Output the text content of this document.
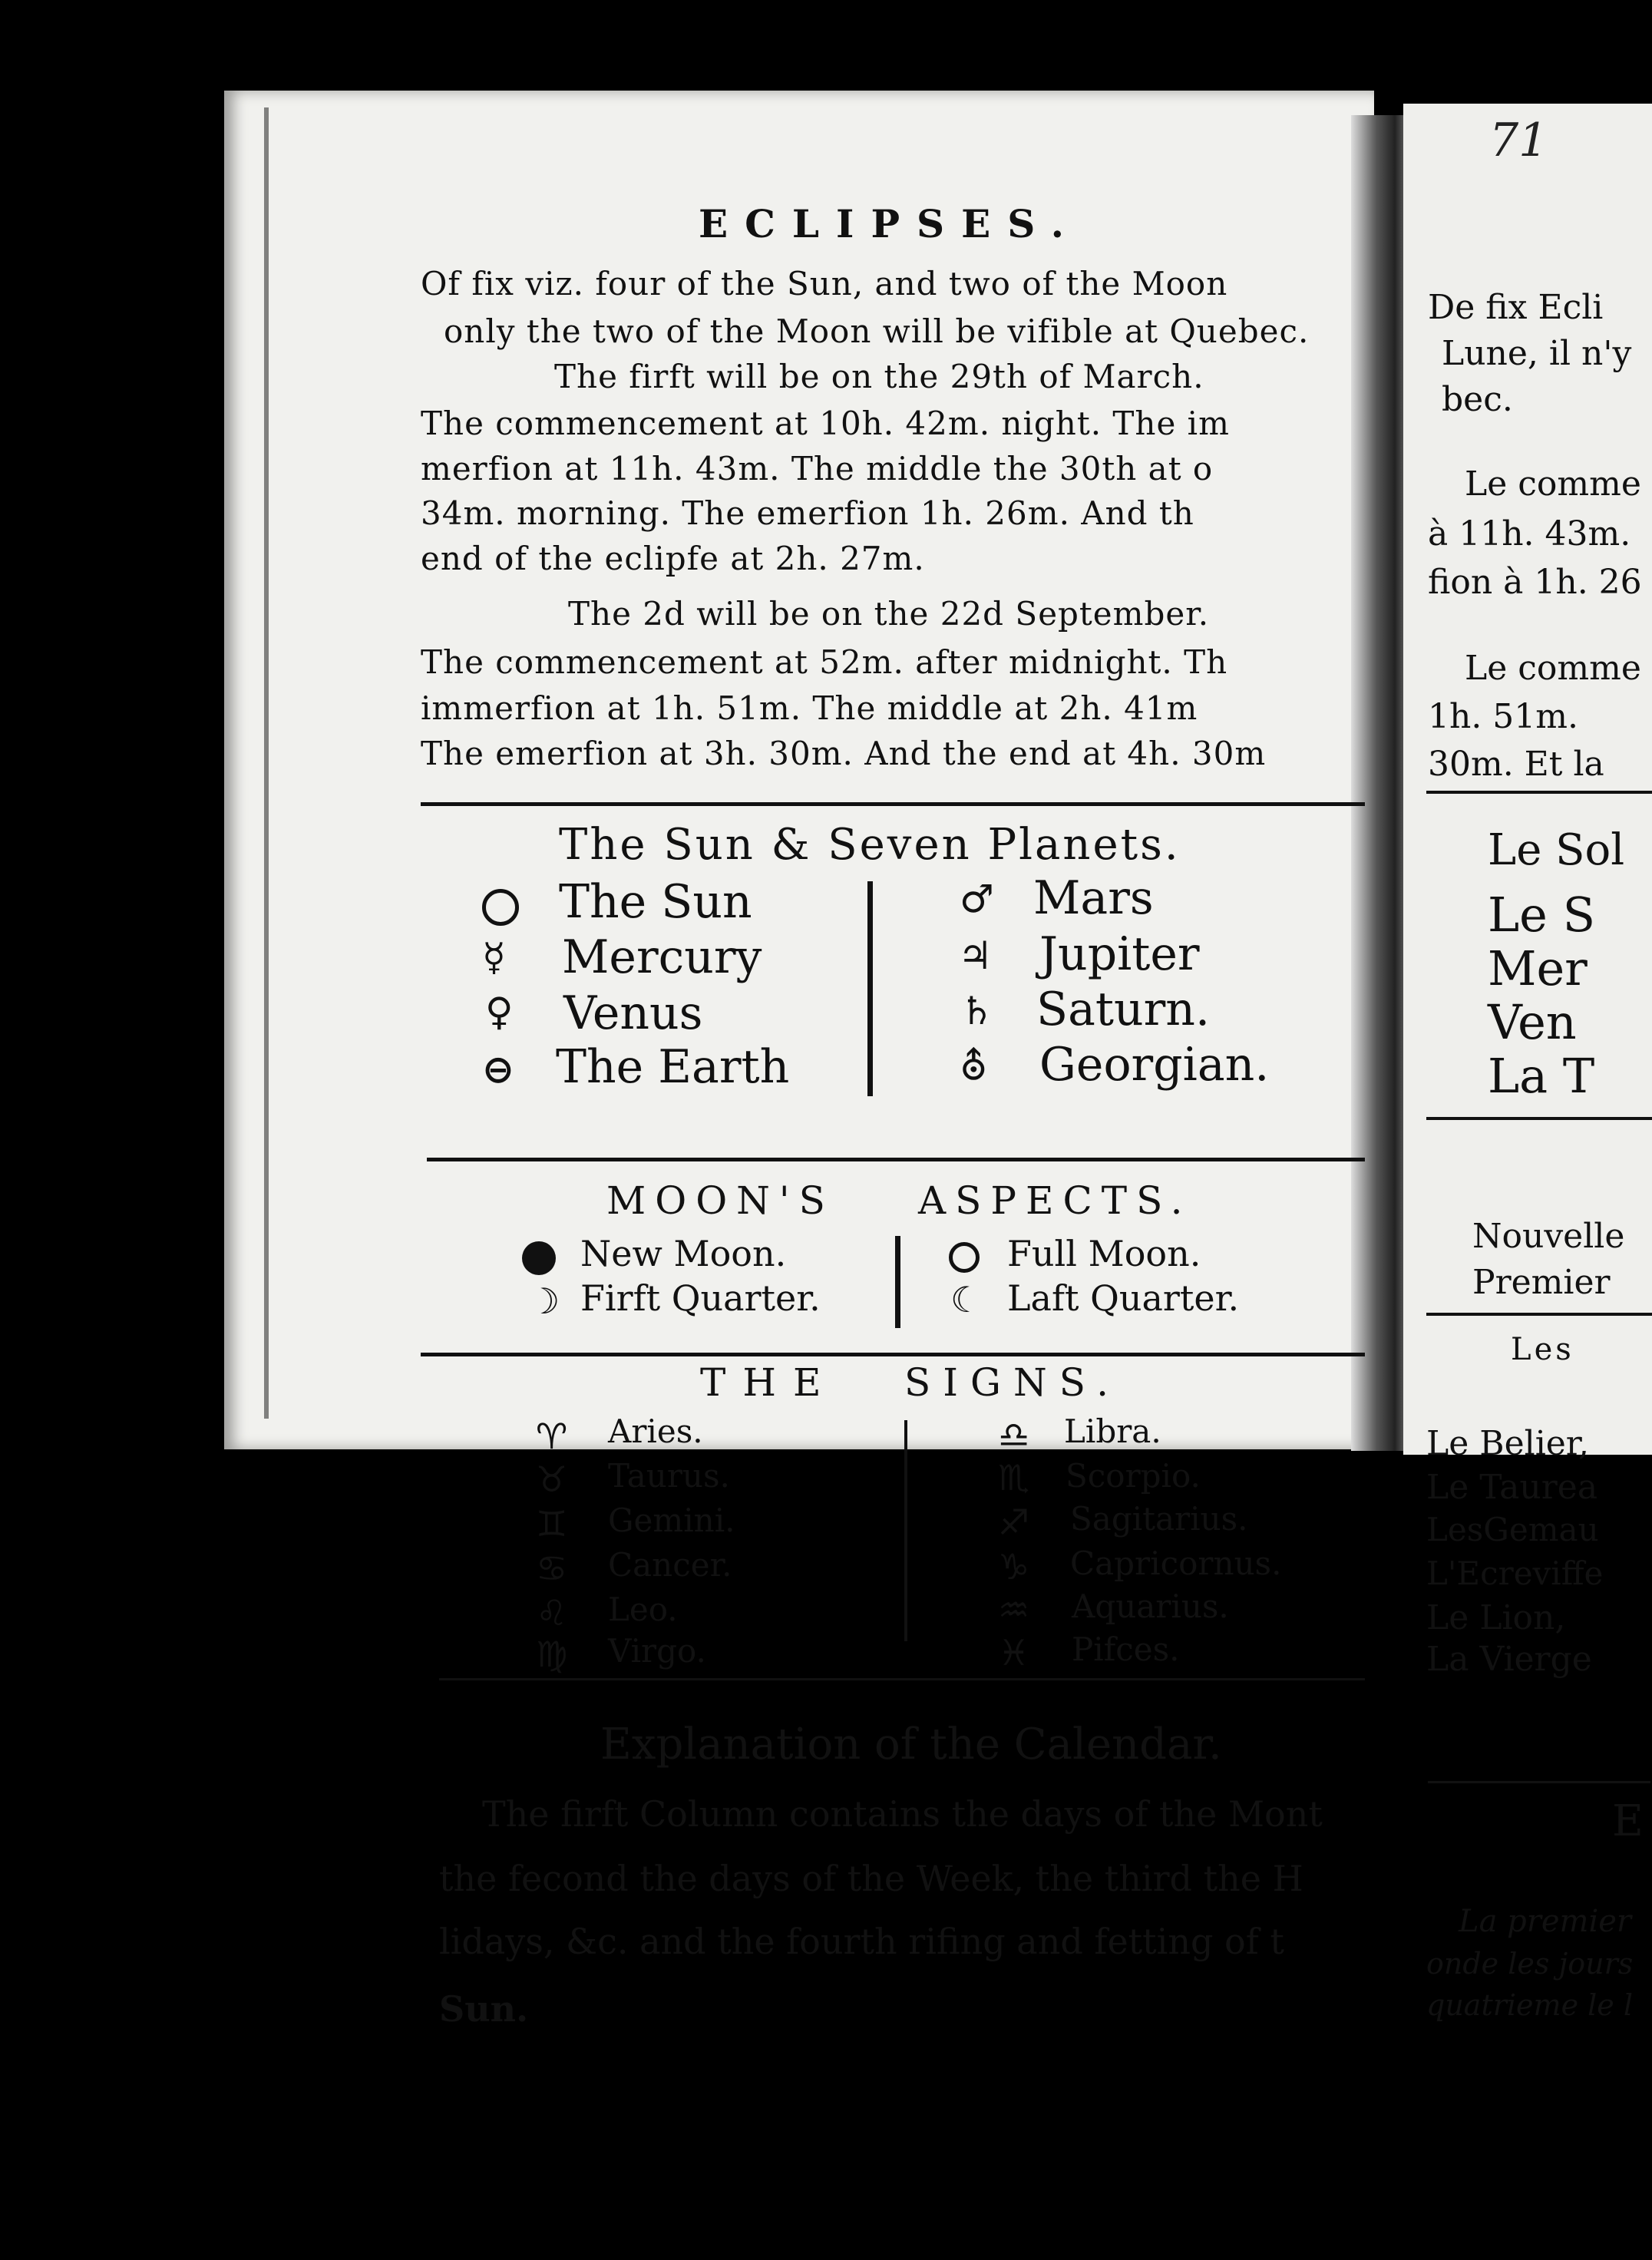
De fix Ecli
Lune, il n'y
bec.
Le comme
à 11h. 43m.
fion à 1h. 26
Le comme
1h. 51m.
30m. Et la
Le Sol
Le S
Mer
Ven
La T
Nouvelle
Premier
Les
71
ECLIPSES.
Of fix viz. four of the Sun, and two of the Moon
only the two of the Moon will be vifible at Quebec.
The firft will be on the 29th of March.
The commencement at 10h. 42m. night. The im
merfion at 11h. 43m. The middle the 30th at o
34m. morning. The emerfion 1h. 26m. And th
end of the eclipfe at 2h. 27m.
The 2d will be on the 22d September.
The commencement at 52m. after midnight. Th
immerfion at 1h. 51m. The middle at 2h. 41m
The emerfion at 3h. 30m. And the end at 4h. 30m
The Sun & Seven Planets.
The Sun
☿ Mercury
♀ Venus
⊖ The Earth
♂ Mars
♃ Jupiter
♄ Saturn.
⛢ Georgian.
MOON'S ASPECTS.
New Moon.	Full Moon.
☽ Firft Quarter.	☾ Laft Quarter.
THE SIGNS.
♈ Aries.
♉ Taurus.
♊ Gemini.
♋ Cancer.
♌ Leo.
♍ Virgo.
♎ Libra.
♏ Scorpio.
♐ Sagitarius.
♑ Capricornus.
♒ Aquarius.
♓ Pifces.
Explanation of the Calendar.
The firft Column contains the days of the Mont
the fecond the days of the Week, the third the H
lidays, &c. and the fourth rifing and fetting of t
Sun.
Le Belier,
Le Taurea
LesGemau
L'Ecreviffe
Le Lion,
La Vierge
E
La premier
onde les jours
quatrieme le l
